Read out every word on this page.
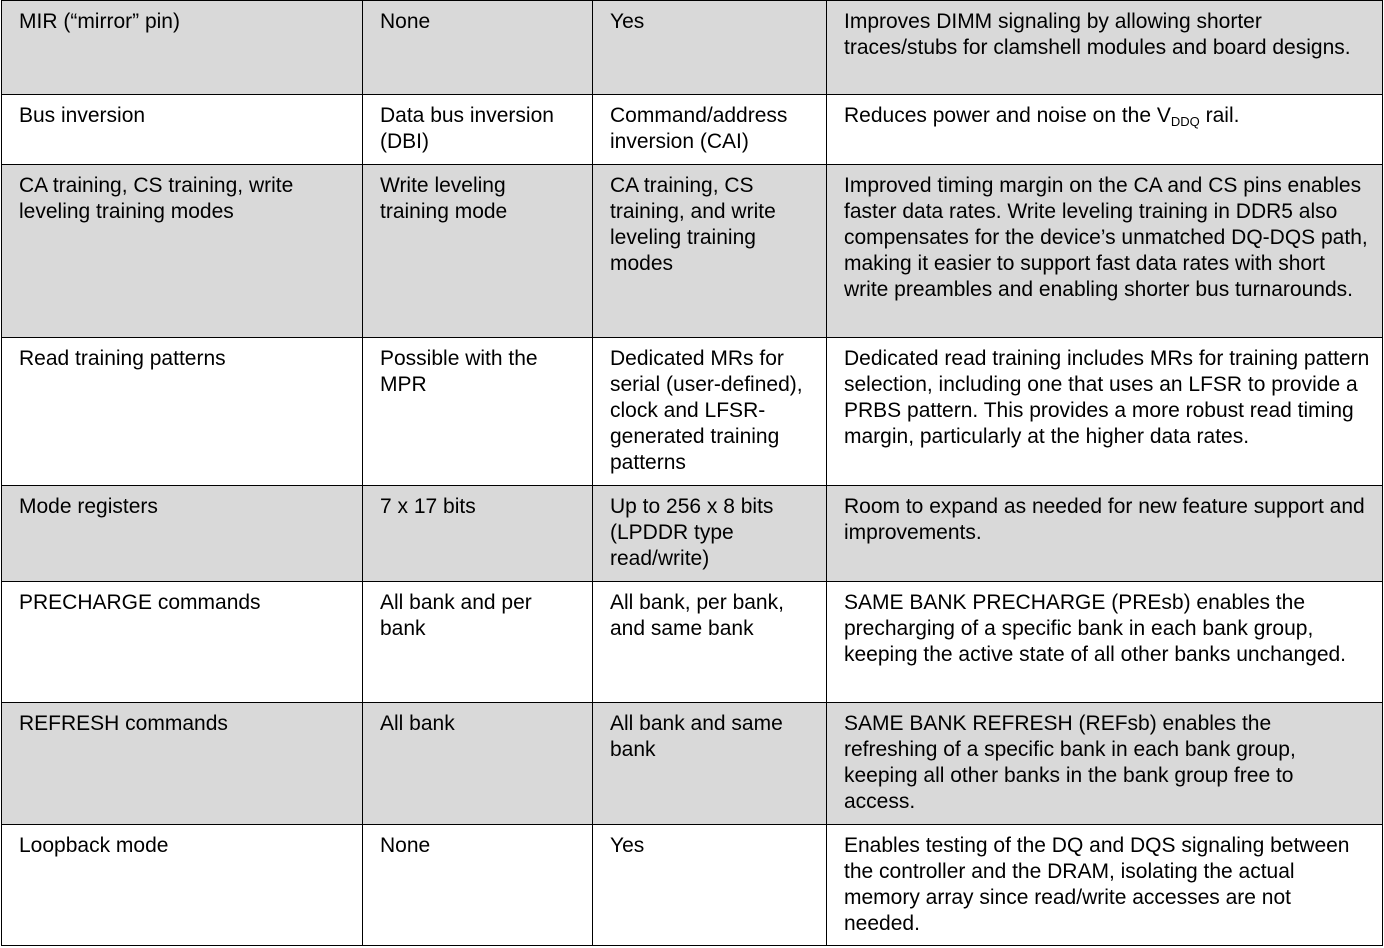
MIR (“mirror” pin)	None	Yes	Improves DIMM signaling by allowing shorter traces/stubs for clamshell modules and board designs.
Bus inversion	Data bus inversion (DBI)	Command/address inversion (CAI)	Reduces power and noise on the $V_{DDQ}$ rail.
CA training, CS training, write leveling training modes	Write leveling training mode	CA training, CS training, and write leveling training modes	Improved timing margin on the CA and CS pins enables faster data rates. Write leveling training in DDR5 also compensates for the device’s unmatched DQ-DQS path, making it easier to support fast data rates with short write preambles and enabling shorter bus turnarounds.
Read training patterns	Possible with the MPR	Dedicated MRs for serial (user-defined), clock and LFSR-generated training patterns	Dedicated read training includes MRs for training pattern selection, including one that uses an LFSR to provide a PRBS pattern. This provides a more robust read timing margin, particularly at the higher data rates.
Mode registers	7 x 17 bits	Up to 256 x 8 bits (LPDDR type read/write)	Room to expand as needed for new feature support and improvements.
PRECHARGE commands	All bank and per bank	All bank, per bank, and same bank	SAME BANK PRECHARGE (PREsb) enables the precharging of a specific bank in each bank group, keeping the active state of all other banks unchanged.
REFRESH commands	All bank	All bank and same bank	SAME BANK REFRESH (REFsb) enables the refreshing of a specific bank in each bank group, keeping all other banks in the bank group free to access.
Loopback mode	None	Yes	Enables testing of the DQ and DQS signaling between the controller and the DRAM, isolating the actual memory array since read/write accesses are not needed.
